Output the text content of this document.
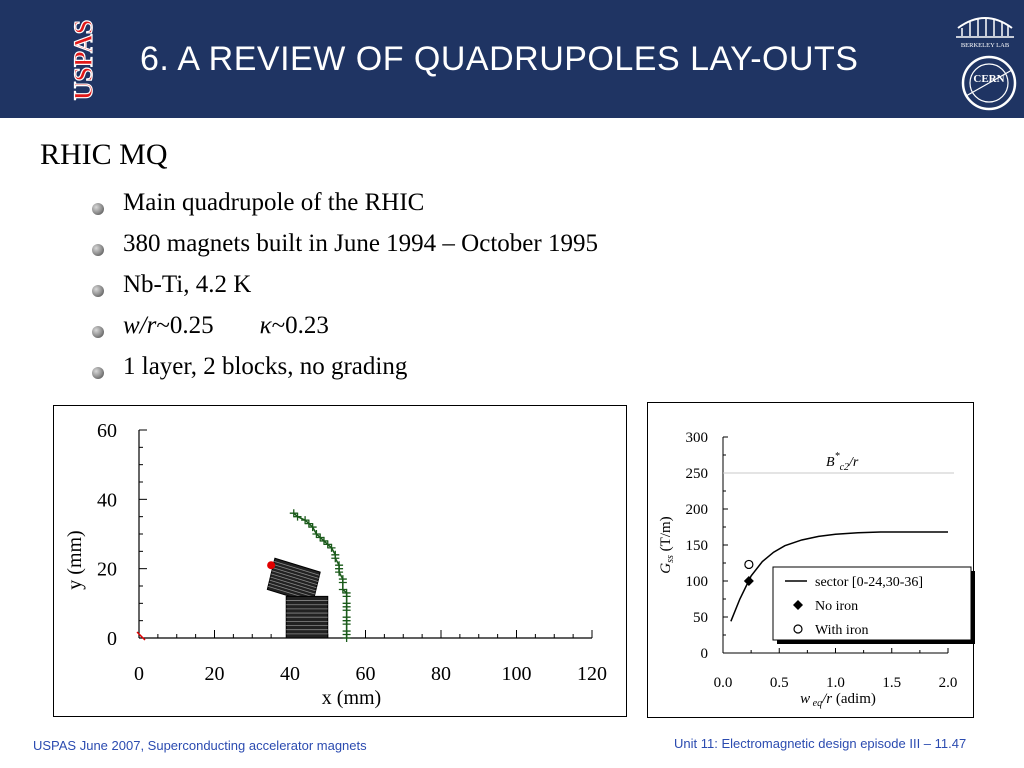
USPAS 6. A REVIEW OF QUADRUPOLES LAY-OUTS	BERKELEY LAB
CERN
RHIC MQ
Main quadrupole of the RHIC
380 magnets built in June 1994 – October 1995
Nb-Ti, 4.2 K
w/r~0.25 κ~0.23
1 layer, 2 blocks, no grading
0	20	40	60	80	100 120
0
20
40
60
x (mm)
y (mm)
0
50
100
150
200
250
300
0.0	0.5	1.0	1.5	2.0
$B^*_{c2}/r$
$G_{ss}$ (T/m)
w $_{eq}$/r (adim)
sector [0-24,30-36]
No iron
With iron
USPAS June 2007, Superconducting accelerator magnets	Unit 11: Electromagnetic design episode III – 11.47
